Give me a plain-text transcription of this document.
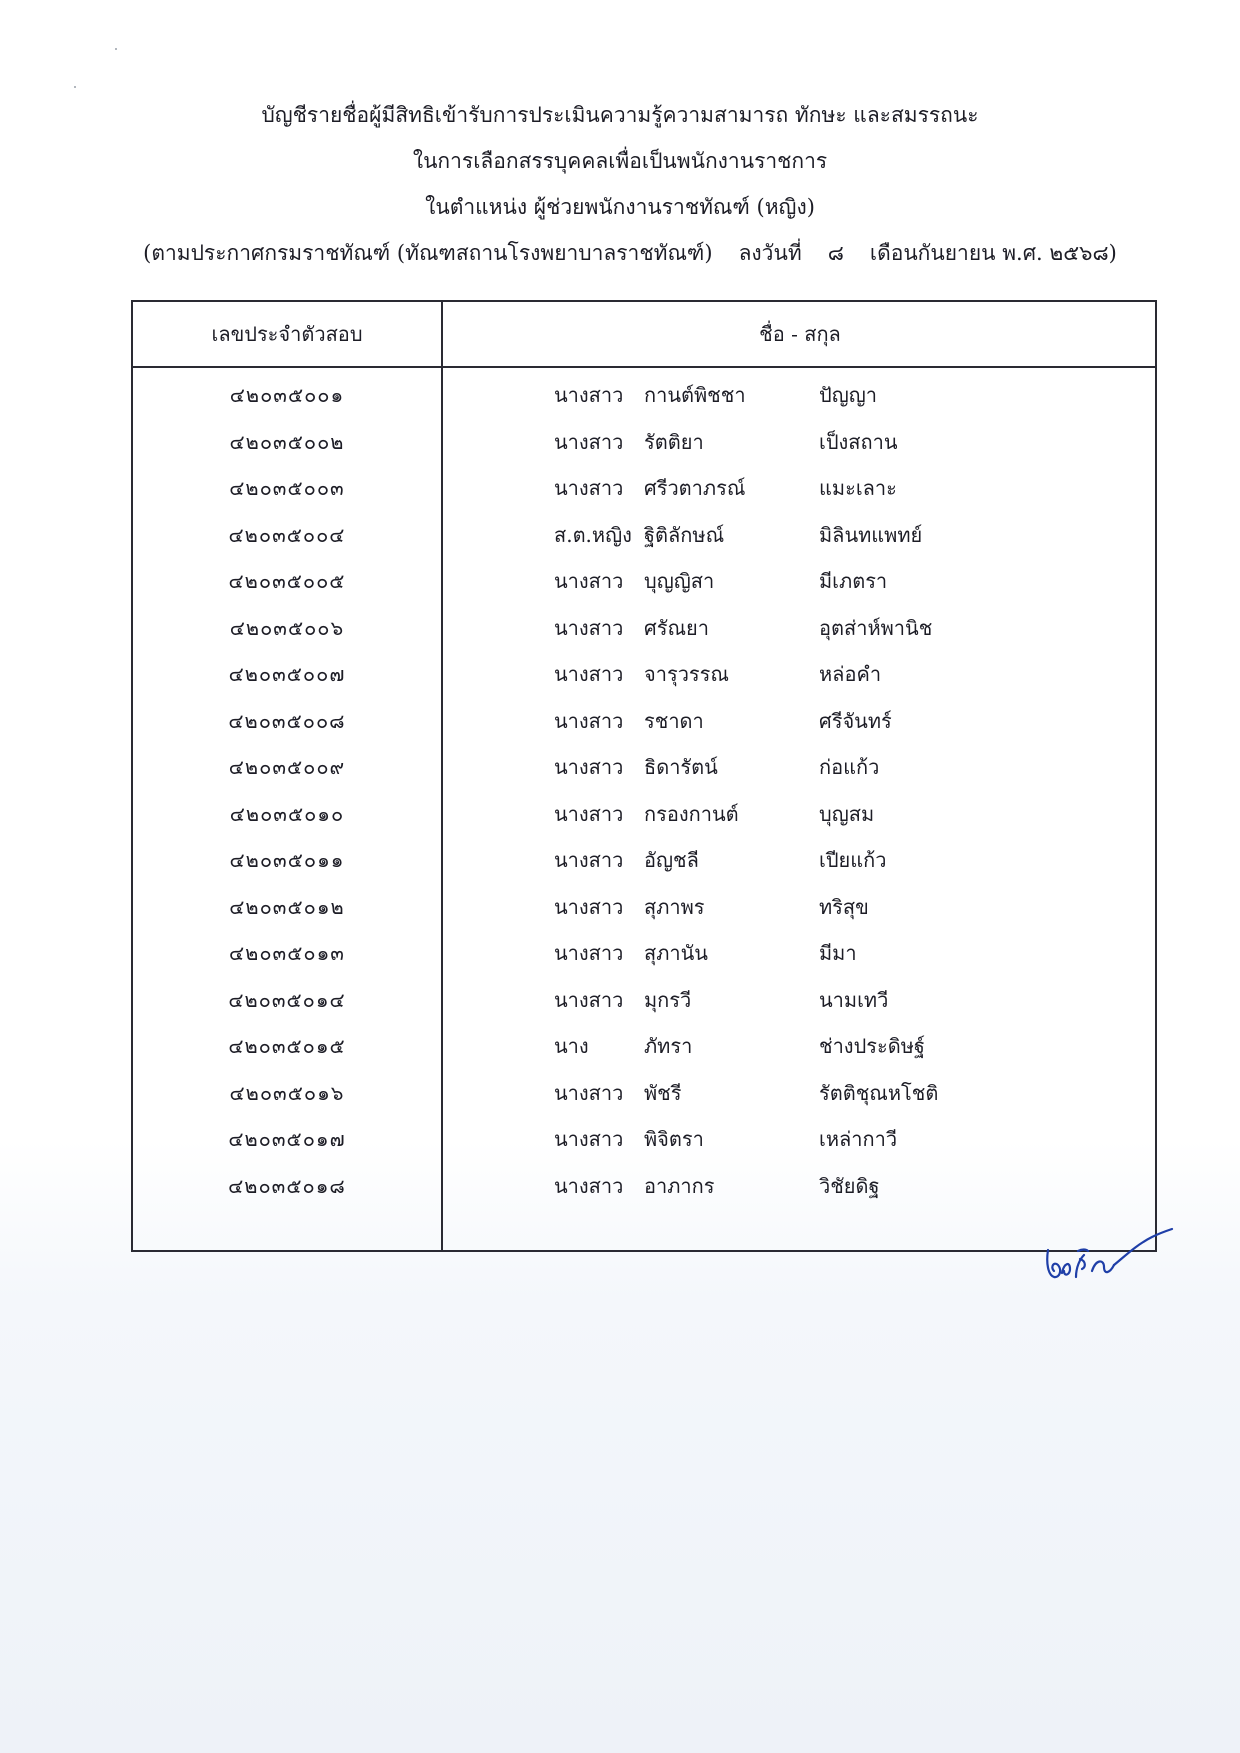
บัญชีรายชื่อผู้มีสิทธิเข้ารับการประเมินความรู้ความสามารถ ทักษะ และสมรรถนะ
ในการเลือกสรรบุคคลเพื่อเป็นพนักงานราชการ
ในตำแหน่ง ผู้ช่วยพนักงานราชทัณฑ์ (หญิง)
(ตามประกาศกรมราชทัณฑ์ (ทัณฑสถานโรงพยาบาลราชทัณฑ์) ลงวันที่ ๘ เดือนกันยายน พ.ศ. ๒๕๖๘)
เลขประจำตัวสอบ	ชื่อ - สกุล
๔๒๐๓๕๐๐๑	นางสาว กานต์พิชชา	ปัญญา
๔๒๐๓๕๐๐๒	นางสาว รัตติยา	เป็งสถาน
๔๒๐๓๕๐๐๓	นางสาว ศรีวตาภรณ์	แมะเลาะ
๔๒๐๓๕๐๐๔	ส.ต.หญิง ฐิติลักษณ์	มิลินทแพทย์
๔๒๐๓๕๐๐๕	นางสาว บุญญิสา	มีเภตรา
๔๒๐๓๕๐๐๖	นางสาว ศรัณยา	อุตส่าห์พานิช
๔๒๐๓๕๐๐๗	นางสาว จารุวรรณ	หล่อคำ
๔๒๐๓๕๐๐๘	นางสาว รชาดา	ศรีจันทร์
๔๒๐๓๕๐๐๙	นางสาว ธิดารัตน์	ก่อแก้ว
๔๒๐๓๕๐๑๐	นางสาว กรองกานต์	บุญสม
๔๒๐๓๕๐๑๑	นางสาว อัญชลี	เปียแก้ว
๔๒๐๓๕๐๑๒	นางสาว สุภาพร	ทริสุข
๔๒๐๓๕๐๑๓	นางสาว สุภานัน	มีมา
๔๒๐๓๕๐๑๔	นางสาว มุกรวี	นามเทวี
๔๒๐๓๕๐๑๕	นาง	ภัทรา	ช่างประดิษฐ์
๔๒๐๓๕๐๑๖	นางสาว พัชรี	รัตติชุณหโชติ
๔๒๐๓๕๐๑๗	นางสาว พิจิตรา	เหล่ากาวี
๔๒๐๓๕๐๑๘	นางสาว อาภากร	วิชัยดิฐ
